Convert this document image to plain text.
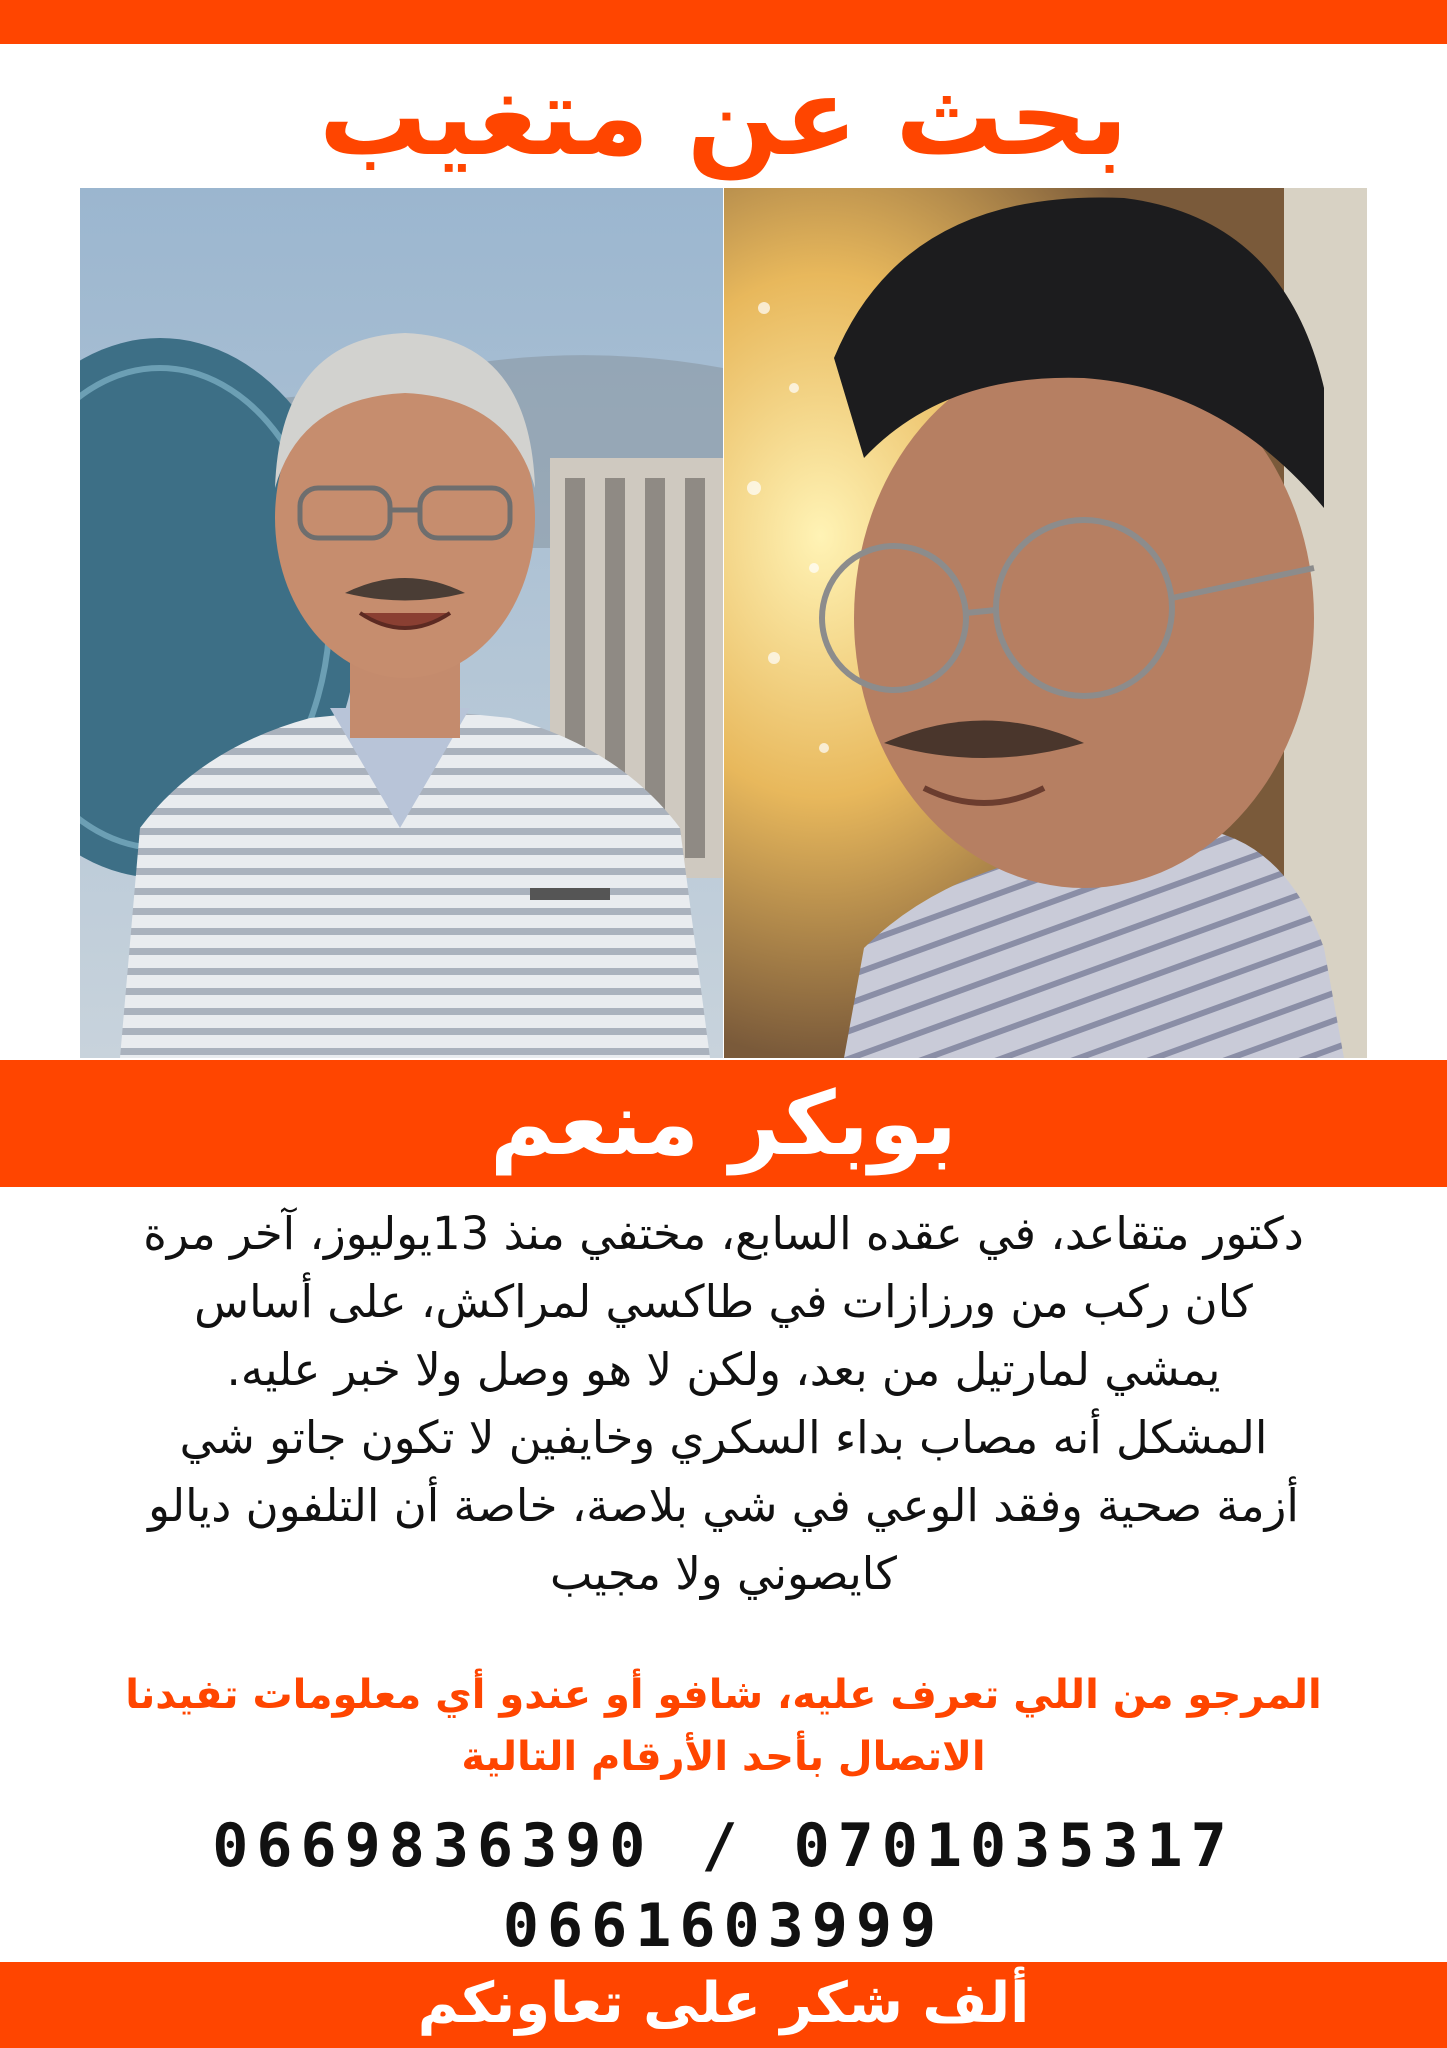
بحث عن متغيب
بوبكر منعم

دكتور متقاعد، في عقده السابع، مختفي منذ 13يوليوز، آخر مرة
كان ركب من ورزازات في طاكسي لمراكش، على أساس
يمشي لمارتيل من بعد، ولكن لا هو وصل ولا خبر عليه.
المشكل أنه مصاب بداء السكري وخايفين لا تكون جاتو شي
أزمة صحية وفقد الوعي في شي بلاصة، خاصة أن التلفون ديالو
كايصوني ولا مجيب

المرجو من اللي تعرف عليه، شافو أو عندو أي معلومات تفيدنا
الاتصال بأحد الأرقام التالية

0669836390 / 0701035317
0661603999
ألف شكر على تعاونكم
